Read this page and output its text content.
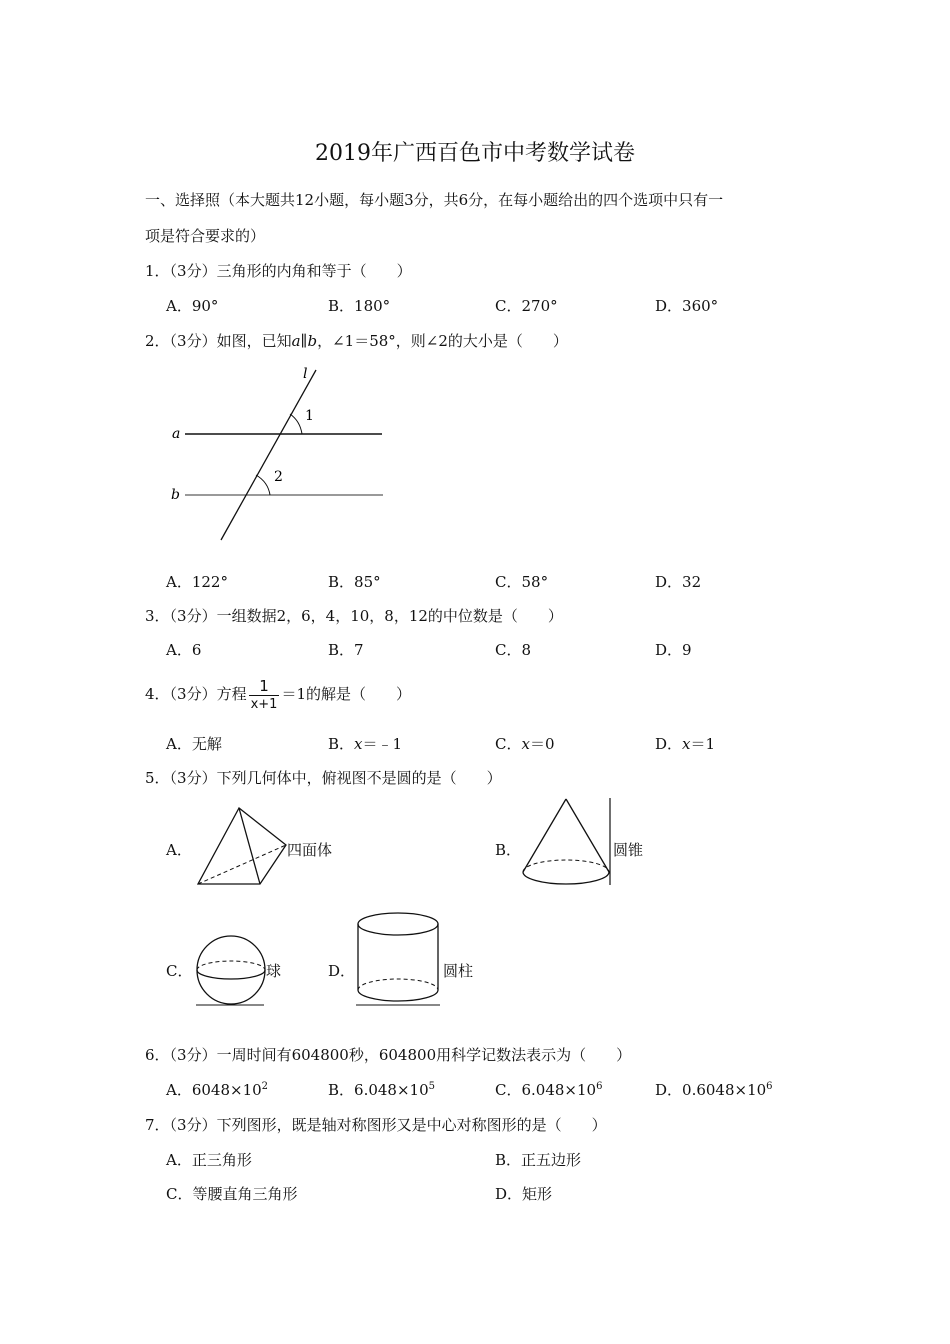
2019年广西百色市中考数学试卷
一、选择照（本大题共12小题，每小题3分，共6分，在每小题给出的四个选项中只有一
项是符合要求的）
1．（3分）三角形的内角和等于（　　）
A．90°	B．180°	C．270°	D．360°
2．（3分）如图，已知a∥b，∠1＝58°，则∠2的大小是（　　）
l
a
b
1
2
A．122°	B．85°	C．58°	D．32
3．（3分）一组数据2，6，4，10，8，12的中位数是（　　）
A．6	B．7	C．8	D．9
4．（3分）方程 $\frac{1}{x+1} =1$的解是（　　）
A．无解	B．x＝﹣1	C．x＝0	D．x＝1
5．（3分）下列几何体中，俯视图不是圆的是（　　）
A．	四面体	B．	圆锥
C．	球	D．	圆柱
6．（3分）一周时间有604800秒，604800用科学记数法表示为（　　）
A．$6048\times 10^2$	B．$6.048\times 10^5$	C．$6.048\times 10^6$	D．$0.6048\times 10^6$
7．（3分）下列图形，既是轴对称图形又是中心对称图形的是（　　）
A．正三角形	B．正五边形
C．等腰直角三角形	D．矩形
